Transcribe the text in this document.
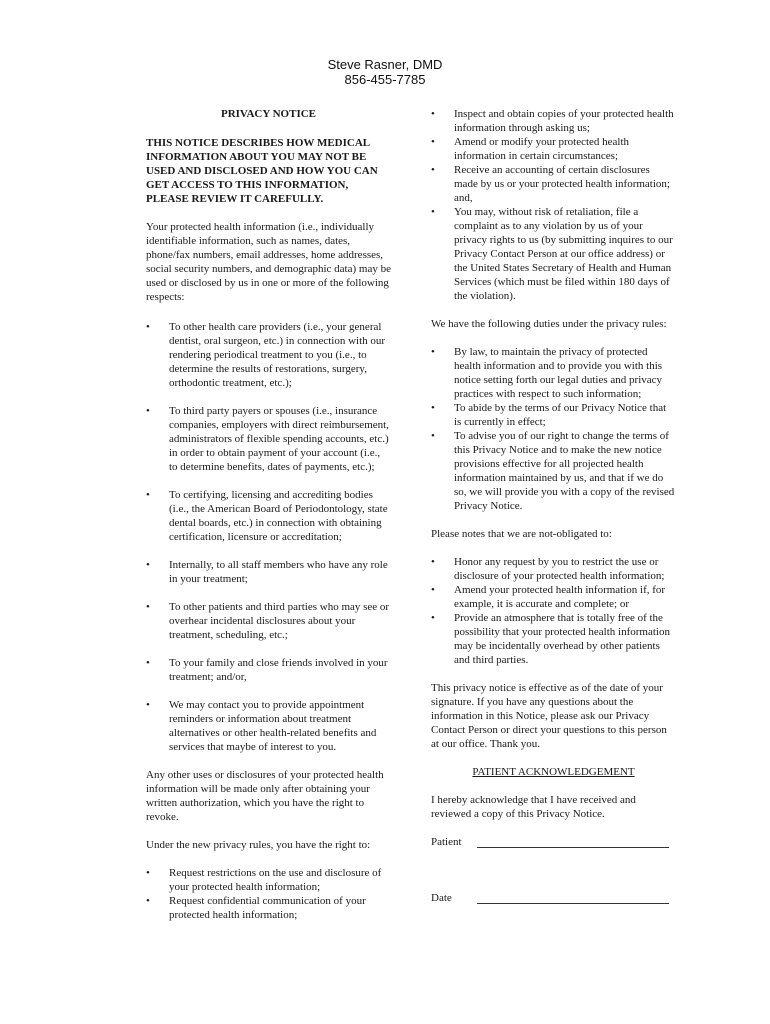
Steve Rasner, DMD
856-455-7785

PRIVACY NOTICE

THIS NOTICE DESCRIBES HOW MEDICAL INFORMATION ABOUT YOU MAY NOT BE USED AND DISCLOSED AND HOW YOU CAN GET ACCESS TO THIS INFORMATION, PLEASE REVIEW IT CAREFULLY.

Your protected health information (i.e., individually identifiable information, such as names, dates, phone/fax numbers, email addresses, home addresses, social security numbers, and demographic data) may be used or disclosed by us in one or more of the following respects:

• To other health care providers (i.e., your general dentist, oral surgeon, etc.) in connection with our rendering periodical treatment to you (i.e., to determine the results of restorations, surgery, orthodontic treatment, etc.);
• To third party payers or spouses (i.e., insurance companies, employers with direct reimbursement, administrators of flexible spending accounts, etc.) in order to obtain payment of your account (i.e., to determine benefits, dates of payments, etc.);
• To certifying, licensing and accrediting bodies (i.e., the American Board of Periodontology, state dental boards, etc.) in connection with obtaining certification, licensure or accreditation;
• Internally, to all staff members who have any role in your treatment;
• To other patients and third parties who may see or overhear incidental disclosures about your treatment, scheduling, etc.;
• To your family and close friends involved in your treatment; and/or,
• We may contact you to provide appointment reminders or information about treatment alternatives or other health-related benefits and services that maybe of interest to you.

Any other uses or disclosures of your protected health information will be made only after obtaining your written authorization, which you have the right to revoke.

Under the new privacy rules, you have the right to:

• Request restrictions on the use and disclosure of your protected health information;
• Request confidential communication of your protected health information;
• Inspect and obtain copies of your protected health information through asking us;
• Amend or modify your protected health information in certain circumstances;
• Receive an accounting of certain disclosures made by us or your protected health information;

and,

• You may, without risk of retaliation, file a complaint as to any violation by us of your privacy rights to us (by submitting inquires to our Privacy Contact Person at our office address) or the United States Secretary of Health and Human Services (which must be filed within 180 days of the violation).

We have the following duties under the privacy rules:

• By law, to maintain the privacy of protected health information and to provide you with this notice setting forth our legal duties and privacy practices with respect to such information;
• To abide by the terms of our Privacy Notice that is currently in effect;
• To advise you of our right to change the terms of this Privacy Notice and to make the new notice provisions effective for all projected health information maintained by us, and that if we do so, we will provide you with a copy of the revised Privacy Notice.

Please notes that we are not-obligated to:

• Honor any request by you to restrict the use or disclosure of your protected health information;
• Amend your protected health information if, for example, it is accurate and complete; or
• Provide an atmosphere that is totally free of the possibility that your protected health information may be incidentally overhead by other patients and third parties.

This privacy notice is effective as of the date of your signature. If you have any questions about the information in this Notice, please ask our Privacy Contact Person or direct your questions to this person at our office. Thank you.

PATIENT ACKNOWLEDGEMENT

I hereby acknowledge that I have received and reviewed a copy of this Privacy Notice.

Patient
Date
